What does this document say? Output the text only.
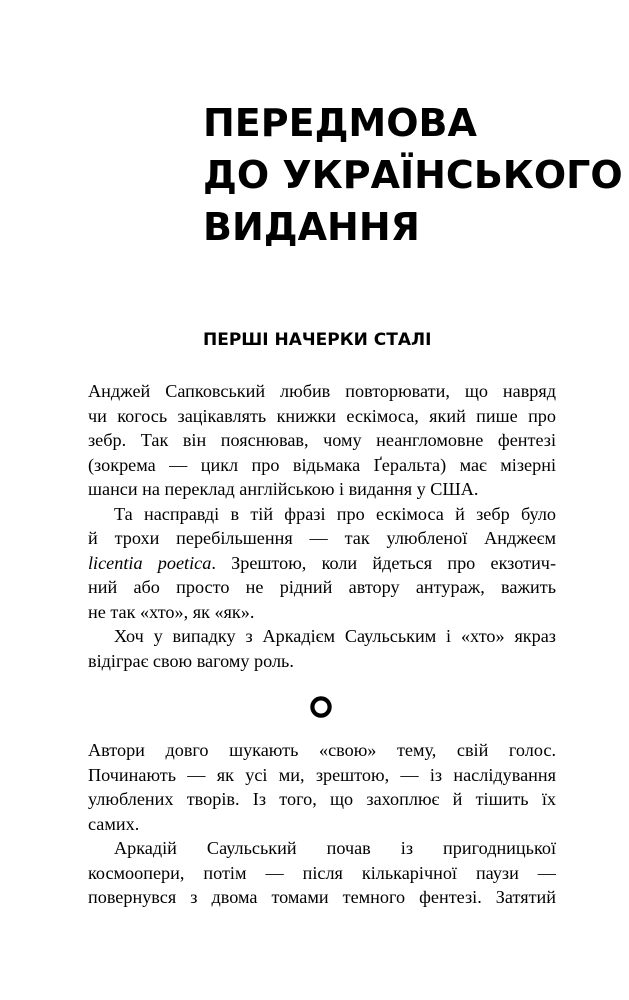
ПЕРЕДМОВА
ДО УКРАЇНСЬКОГО
ВИДАННЯ
ПЕРШІ НАЧЕРКИ СТАЛІ

Анджей Сапковський любив повторювати, що навряд

чи когось зацікавлять книжки ескімоса, який пише про

зебр. Так він пояснював, чому неангломовне фентезі

(зокрема — цикл про відьмака Ґеральта) має мізерні

шанси на переклад англійською і видання у США.

Та насправді в тій фразі про ескімоса й зебр було

й трохи перебільшення — так улюбленої Анджеєм

licentia poetica. Зрештою, коли йдеться про екзотич-

ний або просто не рідний автору антураж, важить

не так «хто», як «як».

Хоч у випадку з Аркадієм Саульським і «хто» якраз

відіграє свою вагому роль.

Автори довго шукають «свою» тему, свій голос.

Починають — як усі ми, зрештою, — із наслідування

улюблених творів. Із того, що захоплює й тішить їх

самих.

Аркадій Саульський почав із пригодницької

космоопери, потім — після кількарічної паузи —

повернувся з двома томами темного фентезі. Затятий
